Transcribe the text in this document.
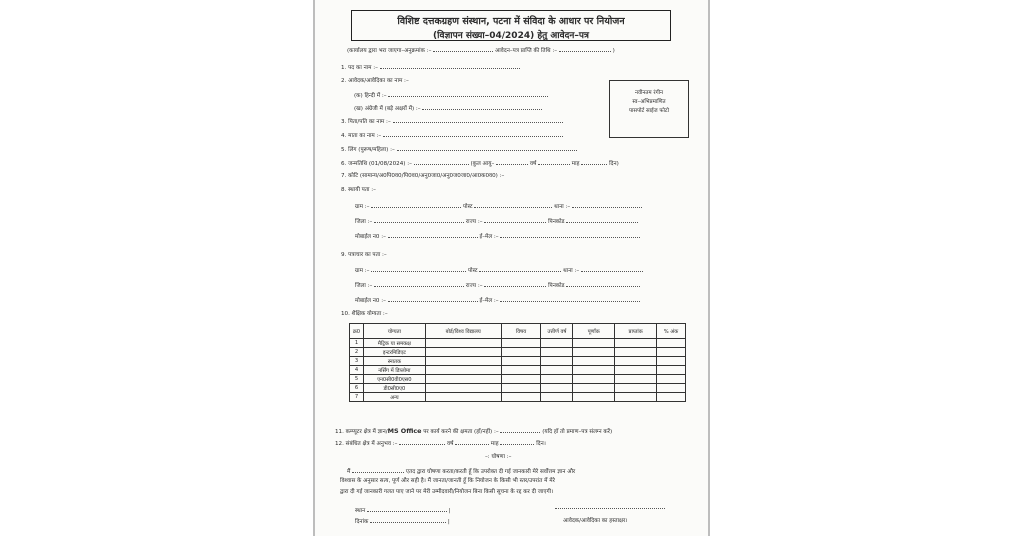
विशिष्ट दत्तकग्रहण संस्थान, पटना में संविदा के आधार पर नियोजन
(विज्ञापन संख्या–04/2024) हेतु आवेदन–पत्र
(कार्यालय द्वारा भरा जाएगा–अनुक्रमांक :–	आवेदन–पत्र प्राप्ति की तिथि :–	)
नवीनतम रंगीन
स्व–अभिप्रमाणित
पासपोर्ट साईज फोटो
1. पद का नाम :–
2. आवेदक/आवेदिका का नाम :–
(क) हिन्दी में :–
(ख) अंग्रेजी में (बड़े अक्षरों में) :–
3. पिता/पति का नाम :–
4. माता का नाम :–
5. लिंग (पुरूष/महिला) :–
6. जन्मतिथि (01/08/2024) :–	(कुल आयु–	वर्ष	माह	दिन)
7. कोटि (सामान्य/अ0पि0व0/पि0व0/अनु0जा0/अनु0ज0जा0/आ0क0व0) :–
8. स्थायी पता :–
ग्राम :–	पोस्ट	थाना :–
जिला :–	राज्य :–	पिनकोड
मोबाईल न0 :–	ई–मेल :–
9. पत्राचार का पता :–
ग्राम :–	पोस्ट	थाना :–
जिला :–	राज्य :–	पिनकोड
मोबाईल न0 :–	ई–मेल :–
10. शैक्षिक योग्यता :–
क्र0	योग्यता	बोर्ड/विश्व विद्यालय	विषय	उत्तीर्ण वर्ष	पूर्णांक	प्राप्तांक	% अंक
1	मैट्रिक या समकक्ष						
2	इन्टरमिडिएट						
3	स्नातक						
4	नर्सिंग में डिप्लोमा						
5	एन0सी0वी0एस0						
6	डी0सी0ए0						
7	अन्य						
11. कम्प्यूटर क्षेत्र में ज्ञान/MS Office पर कार्य करने की क्षमता (हाँ/नहीं) :–	(यदि हाँ तो प्रमाण–पत्र संलग्न करें)
12. संबंधित क्षेत्र में अनुभव :–	वर्ष	माह	दिन।
–: घोषणा :–
मैं	एतद द्वारा घोषणा करता/करती हूँ कि उपरोक्त दी गई जानकारी मेरे सर्वोत्तम ज्ञान और
विश्वास के अनुसार सत्य, पूर्ण और सही है। मैं जानता/जानती हूँ कि नियोजन के किसी भी स्तर/उपरांत में मेरे
द्वारा दी गई जानकारी गलत पाए जाने पर मेरी उम्मीदवारी/नियोजन बिना किसी सूचना के रद्द कर दी जाएगी।
स्थान	|
दिनांक	|	आवेदक/आवेदिका का हस्ताक्षर।
